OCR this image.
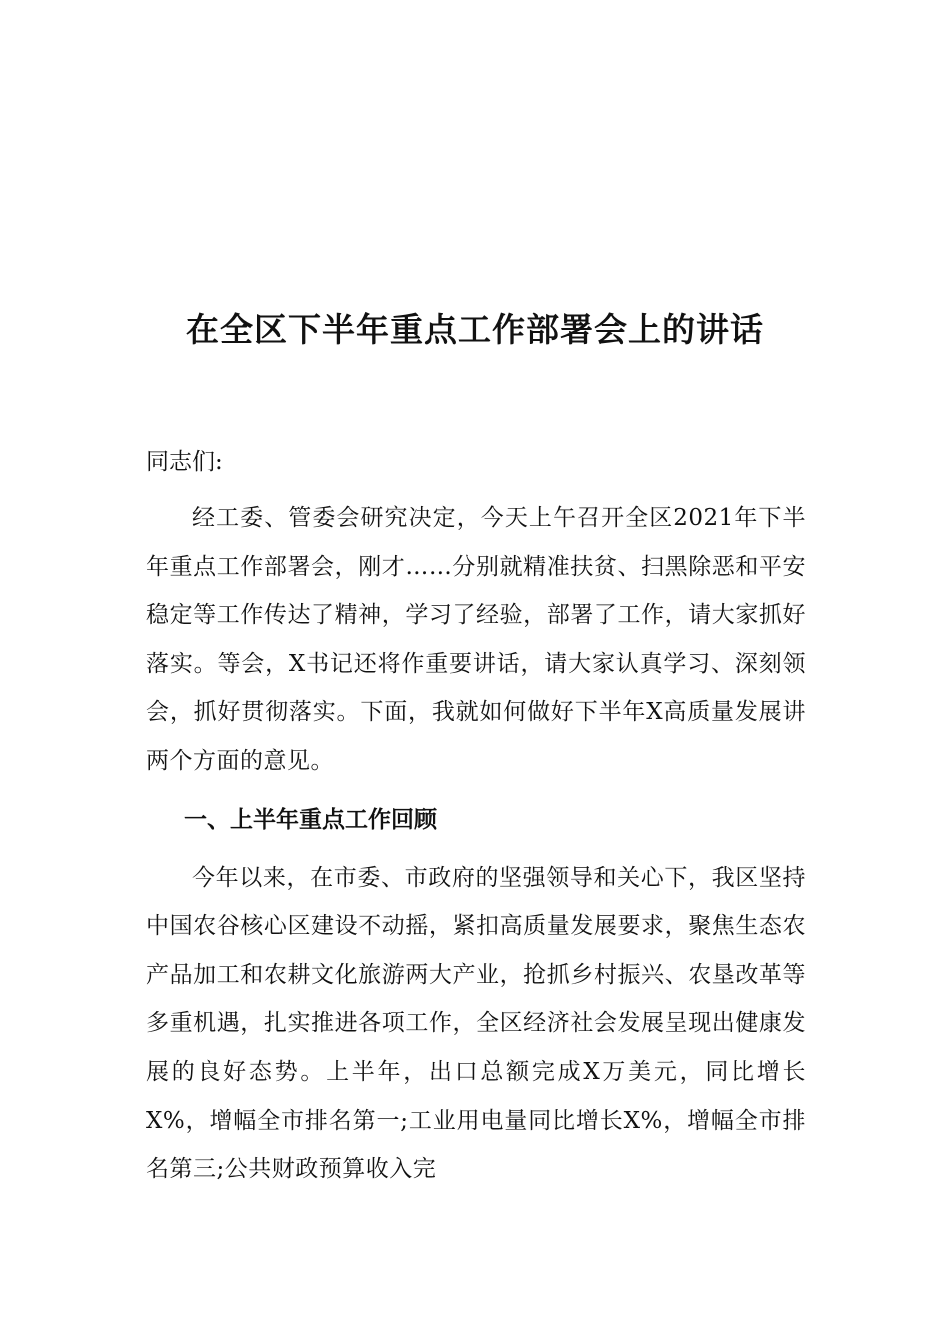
在全区下半年重点工作部署会上的讲话

同志们:

经工委、管委会研究决定，今天上午召开全区2021年下半年重点工作部署会，刚才……分别就精准扶贫、扫黑除恶和平安稳定等工作传达了精神，学习了经验，部署了工作，请大家抓好落实。等会，X书记还将作重要讲话，请大家认真学习、深刻领会，抓好贯彻落实。下面，我就如何做好下半年X高质量发展讲两个方面的意见。

一、上半年重点工作回顾

今年以来，在市委、市政府的坚强领导和关心下，我区坚持中国农谷核心区建设不动摇，紧扣高质量发展要求，聚焦生态农产品加工和农耕文化旅游两大产业，抢抓乡村振兴、农垦改革等多重机遇，扎实推进各项工作，全区经济社会发展呈现出健康发展的良好态势。上半年，出口总额完成X万美元，同比增长X%，增幅全市排名第一;工业用电量同比增长X%，增幅全市排名第三;公共财政预算收入完
